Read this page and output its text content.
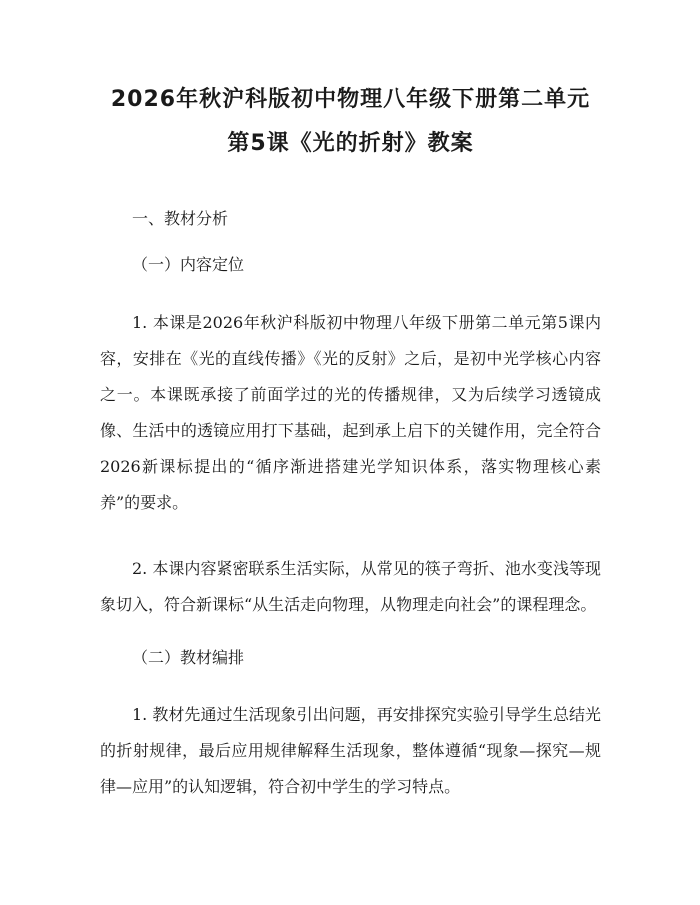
2026年秋沪科版初中物理八年级下册第二单元第5课《光的折射》教案

一、教材分析

（一）内容定位

1. 本课是2026年秋沪科版初中物理八年级下册第二单元第5课内容，安排在《光的直线传播》《光的反射》之后，是初中光学核心内容之一。本课既承接了前面学过的光的传播规律，又为后续学习透镜成像、生活中的透镜应用打下基础，起到承上启下的关键作用，完全符合2026新课标提出的“循序渐进搭建光学知识体系，落实物理核心素养”的要求。

2. 本课内容紧密联系生活实际，从常见的筷子弯折、池水变浅等现象切入，符合新课标“从生活走向物理，从物理走向社会”的课程理念。

（二）教材编排

1. 教材先通过生活现象引出问题，再安排探究实验引导学生总结光的折射规律，最后应用规律解释生活现象，整体遵循“现象—探究—规律—应用”的认知逻辑，符合初中学生的学习特点。
